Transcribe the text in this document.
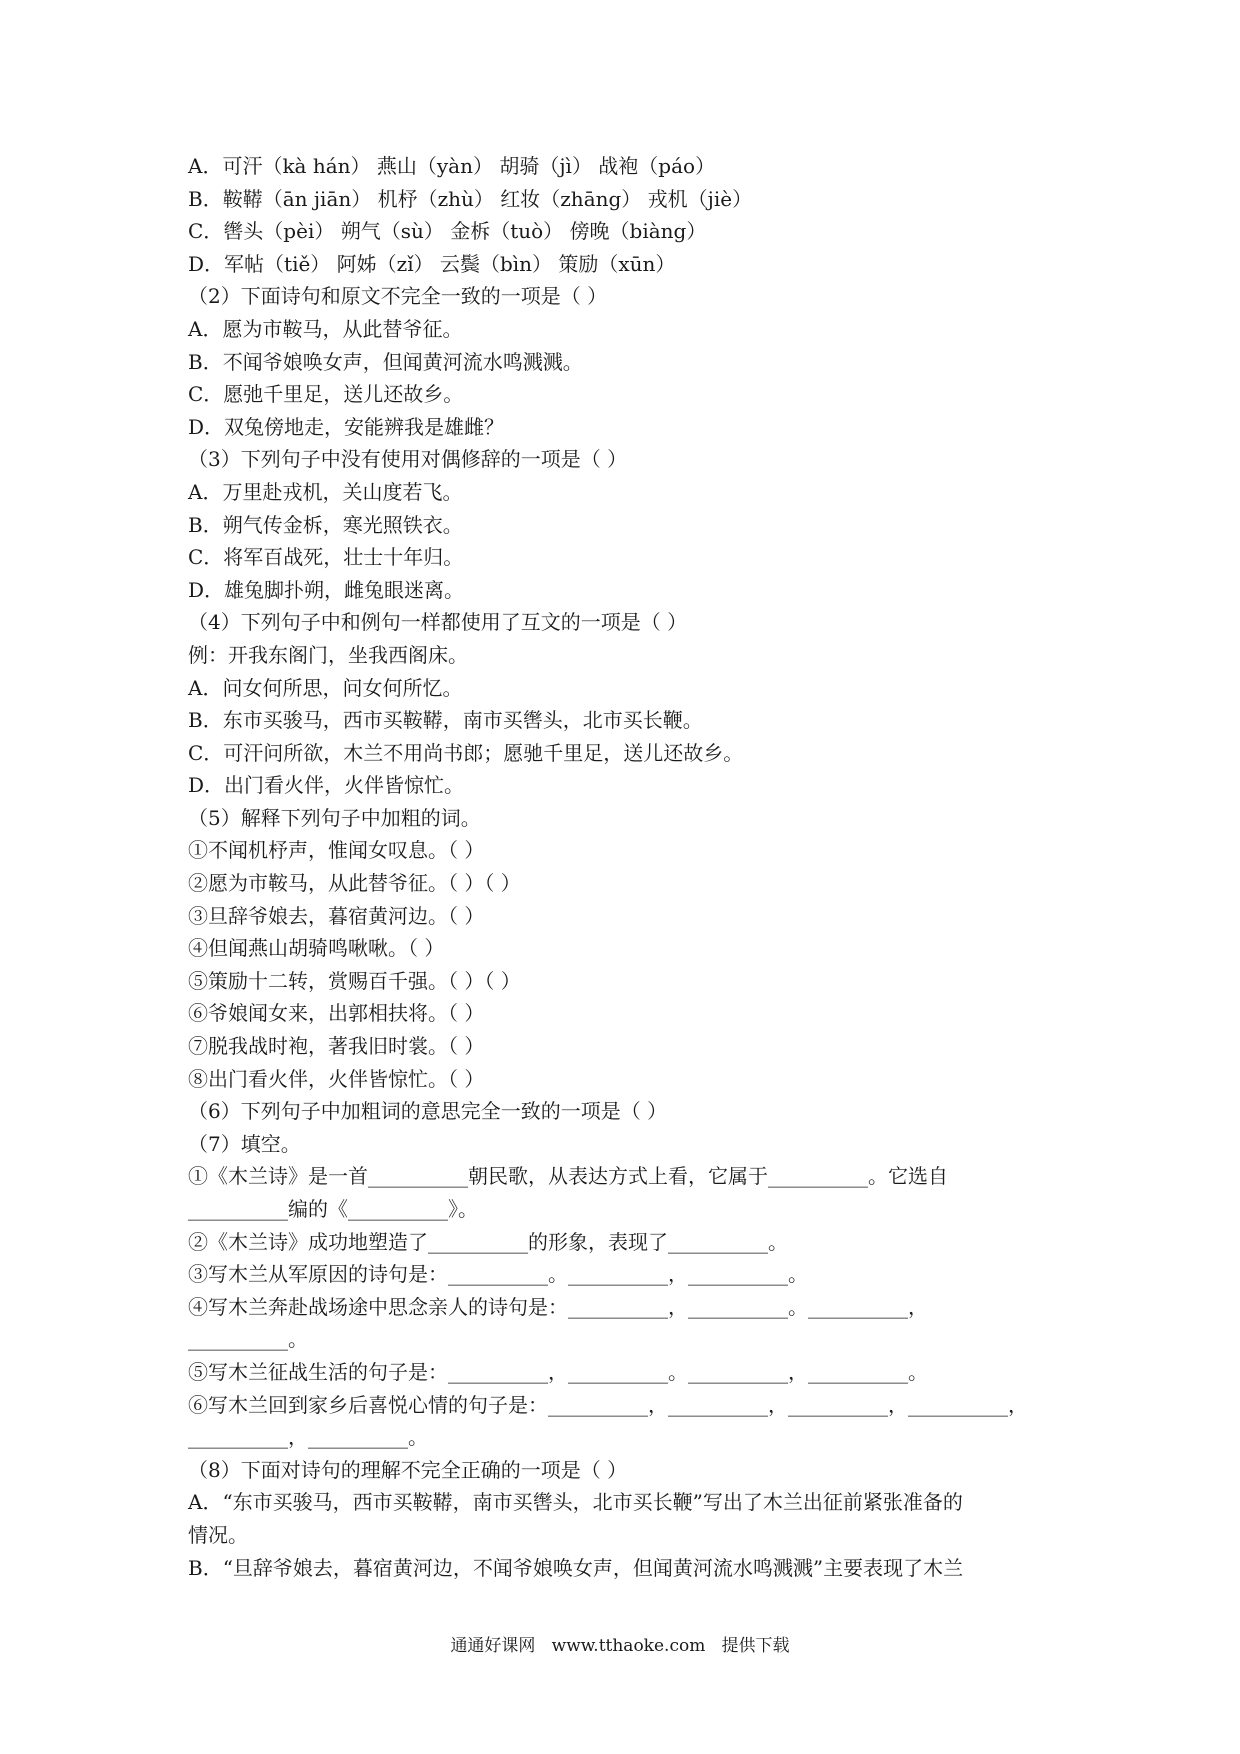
A．可汗（kà hán） 燕山（yàn） 胡骑（jì） 战袍（páo）
B．鞍鞯（ān jiān） 机杼（zhù） 红妆（zhāng） 戎机（jiè）
C．辔头（pèi） 朔气（sù） 金柝（tuò） 傍晚（biàng）
D．军帖（tiě） 阿姊（zǐ） 云鬓（bìn） 策励（xūn）
（2）下面诗句和原文不完全一致的一项是（ ）
A．愿为市鞍马，从此替爷征。
B．不闻爷娘唤女声，但闻黄河流水鸣溅溅。
C．愿弛千里足，送儿还故乡。
D．双兔傍地走，安能辨我是雄雌？
（3）下列句子中没有使用对偶修辞的一项是（ ）
A．万里赴戎机，关山度若飞。
B．朔气传金柝，寒光照铁衣。
C．将军百战死，壮士十年归。
D．雄兔脚扑朔，雌兔眼迷离。
（4）下列句子中和例句一样都使用了互文的一项是（ ）
例：开我东阁门，坐我西阁床。
A．问女何所思，问女何所忆。
B．东市买骏马，西市买鞍鞯，南市买辔头，北市买长鞭。
C．可汗问所欲，木兰不用尚书郎；愿驰千里足，送儿还故乡。
D．出门看火伴，火伴皆惊忙。
（5）解释下列句子中加粗的词。
①不闻机杼声，惟闻女叹息。（ ）
②愿为市鞍马，从此替爷征。（ ）（ ）
③旦辞爷娘去，暮宿黄河边。（ ）
④但闻燕山胡骑鸣啾啾。（ ）
⑤策励十二转，赏赐百千强。（ ）（ ）
⑥爷娘闻女来，出郭相扶将。（ ）
⑦脱我战时袍，著我旧时裳。（ ）
⑧出门看火伴，火伴皆惊忙。（ ）
（6）下列句子中加粗词的意思完全一致的一项是（ ）
（7）填空。
①《木兰诗》是一首__________朝民歌，从表达方式上看，它属于__________。它选自
__________编的《__________》。
②《木兰诗》成功地塑造了__________的形象，表现了__________。
③写木兰从军原因的诗句是：__________。__________，__________。
④写木兰奔赴战场途中思念亲人的诗句是：__________，__________。__________，
__________。
⑤写木兰征战生活的句子是：__________，__________。__________，__________。
⑥写木兰回到家乡后喜悦心情的句子是：__________，__________，__________，__________，
__________，__________。
（8）下面对诗句的理解不完全正确的一项是（ ）
A．“东市买骏马，西市买鞍鞯，南市买辔头，北市买长鞭”写出了木兰出征前紧张准备的
情况。
B．“旦辞爷娘去，暮宿黄河边，不闻爷娘唤女声，但闻黄河流水鸣溅溅”主要表现了木兰
通通好课网 www.tthaoke.com 提供下载
